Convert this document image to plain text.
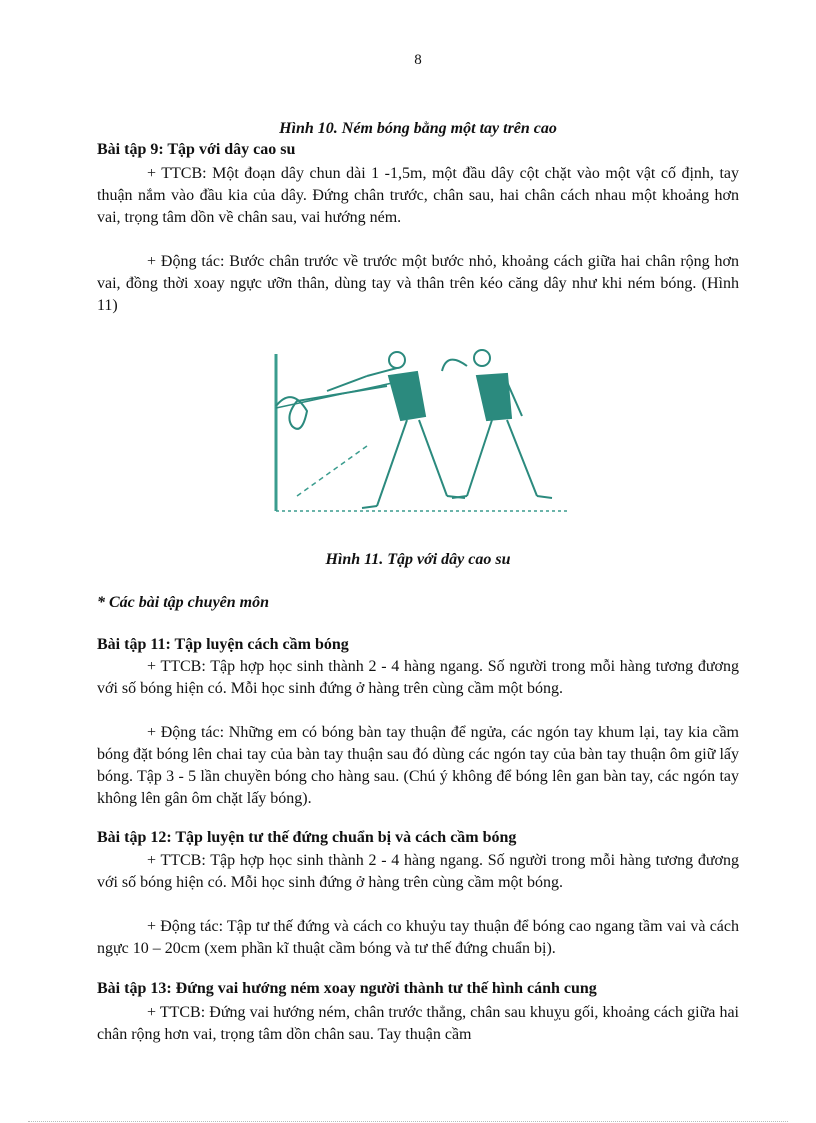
8
Hình 10. Ném bóng bằng một tay trên cao
Bài tập 9: Tập với dây cao su

+ TTCB: Một đoạn dây chun dài 1 -1,5m, một đầu dây cột chặt vào một vật cố định, tay thuận nắm vào đầu kia của dây. Đứng chân trước, chân sau, hai chân cách nhau một khoảng hơn vai, trọng tâm dồn về chân sau, vai hướng ném.

+ Động tác: Bước chân trước về trước một bước nhỏ, khoảng cách giữa hai chân rộng hơn vai, đồng thời xoay ngực ưỡn thân, dùng tay và thân trên kéo căng dây như khi ném bóng. (Hình 11)

Hình 11. Tập với dây cao su
* Các bài tập chuyên môn
Bài tập 11: Tập luyện cách cầm bóng

+ TTCB: Tập hợp học sinh thành 2 - 4 hàng ngang. Số người trong mỗi hàng tương đương với số bóng hiện có. Mỗi học sinh đứng ở hàng trên cùng cầm một bóng.

+ Động tác: Những em có bóng bàn tay thuận để ngửa, các ngón tay khum lại, tay kia cầm bóng đặt bóng lên chai tay của bàn tay thuận sau đó dùng các ngón tay của bàn tay thuận ôm giữ lấy bóng. Tập 3 - 5 lần chuyền bóng cho hàng sau. (Chú ý không để bóng lên gan bàn tay, các ngón tay không lên gân ôm chặt lấy bóng).

Bài tập 12: Tập luyện tư thế đứng chuẩn bị và cách cầm bóng

+ TTCB: Tập hợp học sinh thành 2 - 4 hàng ngang. Số người trong mỗi hàng tương đương với số bóng hiện có. Mỗi học sinh đứng ở hàng trên cùng cầm một bóng.

+ Động tác: Tập tư thế đứng và cách co khuỷu tay thuận để bóng cao ngang tầm vai và cách ngực 10 – 20cm (xem phần kĩ thuật cầm bóng và tư thế đứng chuẩn bị).

Bài tập 13: Đứng vai hướng ném xoay người thành tư thế hình cánh cung

+ TTCB: Đứng vai hướng ném, chân trước thẳng, chân sau khuỵu gối, khoảng cách giữa hai chân rộng hơn vai, trọng tâm dồn chân sau. Tay thuận cầm
